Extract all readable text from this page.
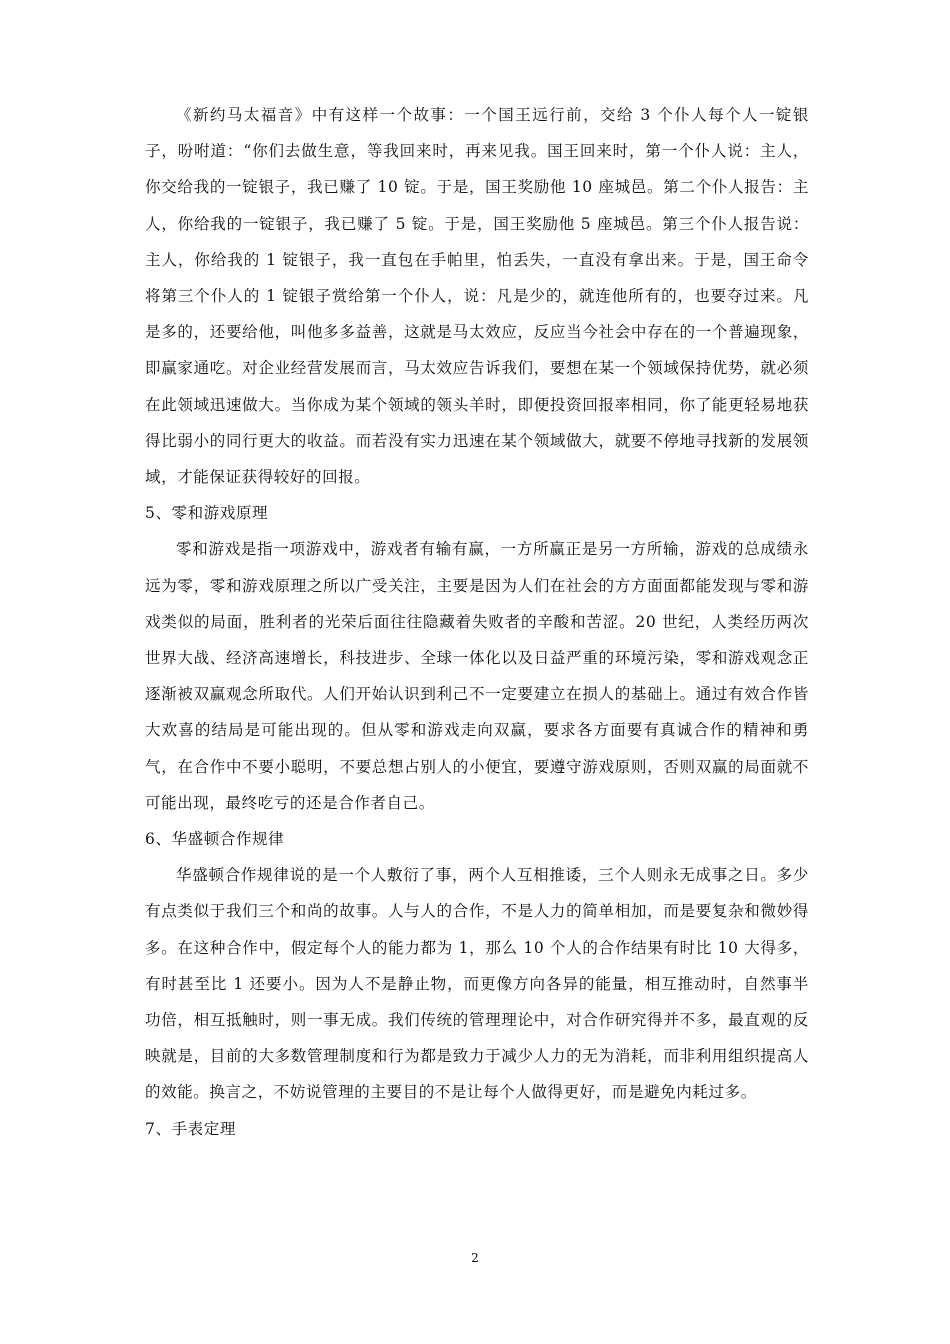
《新约马太福音》中有这样一个故事：一个国王远行前，交给 3 个仆人每个人一锭银子，吩咐道：“你们去做生意，等我回来时，再来见我。国王回来时，第一个仆人说：主人，你交给我的一锭银子，我已赚了 10 锭。于是，国王奖励他 10 座城邑。第二个仆人报告：主人，你给我的一锭银子，我已赚了 5 锭。于是，国王奖励他 5 座城邑。第三个仆人报告说：主人，你给我的 1 锭银子，我一直包在手帕里，怕丢失，一直没有拿出来。于是，国王命令将第三个仆人的 1 锭银子赏给第一个仆人，说：凡是少的，就连他所有的，也要夺过来。凡是多的，还要给他，叫他多多益善，这就是马太效应，反应当今社会中存在的一个普遍现象，即赢家通吃。对企业经营发展而言，马太效应告诉我们，要想在某一个领域保持优势，就必须在此领域迅速做大。当你成为某个领域的领头羊时，即便投资回报率相同，你了能更轻易地获得比弱小的同行更大的收益。而若没有实力迅速在某个领域做大，就要不停地寻找新的发展领域，才能保证获得较好的回报。

5、零和游戏原理

零和游戏是指一项游戏中，游戏者有输有赢，一方所赢正是另一方所输，游戏的总成绩永远为零，零和游戏原理之所以广受关注，主要是因为人们在社会的方方面面都能发现与零和游戏类似的局面，胜利者的光荣后面往往隐藏着失败者的辛酸和苦涩。20 世纪，人类经历两次世界大战、经济高速增长，科技进步、全球一体化以及日益严重的环境污染，零和游戏观念正逐渐被双赢观念所取代。人们开始认识到利己不一定要建立在损人的基础上。通过有效合作皆大欢喜的结局是可能出现的。但从零和游戏走向双赢，要求各方面要有真诚合作的精神和勇气，在合作中不要小聪明，不要总想占别人的小便宜，要遵守游戏原则，否则双赢的局面就不可能出现，最终吃亏的还是合作者自己。

6、华盛顿合作规律

华盛顿合作规律说的是一个人敷衍了事，两个人互相推诿，三个人则永无成事之日。多少有点类似于我们三个和尚的故事。人与人的合作，不是人力的简单相加，而是要复杂和微妙得多。在这种合作中，假定每个人的能力都为 1，那么 10 个人的合作结果有时比 10 大得多，有时甚至比 1 还要小。因为人不是静止物，而更像方向各异的能量，相互推动时，自然事半功倍，相互抵触时，则一事无成。我们传统的管理理论中，对合作研究得并不多，最直观的反映就是，目前的大多数管理制度和行为都是致力于减少人力的无为消耗，而非利用组织提高人的效能。换言之，不妨说管理的主要目的不是让每个人做得更好，而是避免内耗过多。

7、手表定理

2
